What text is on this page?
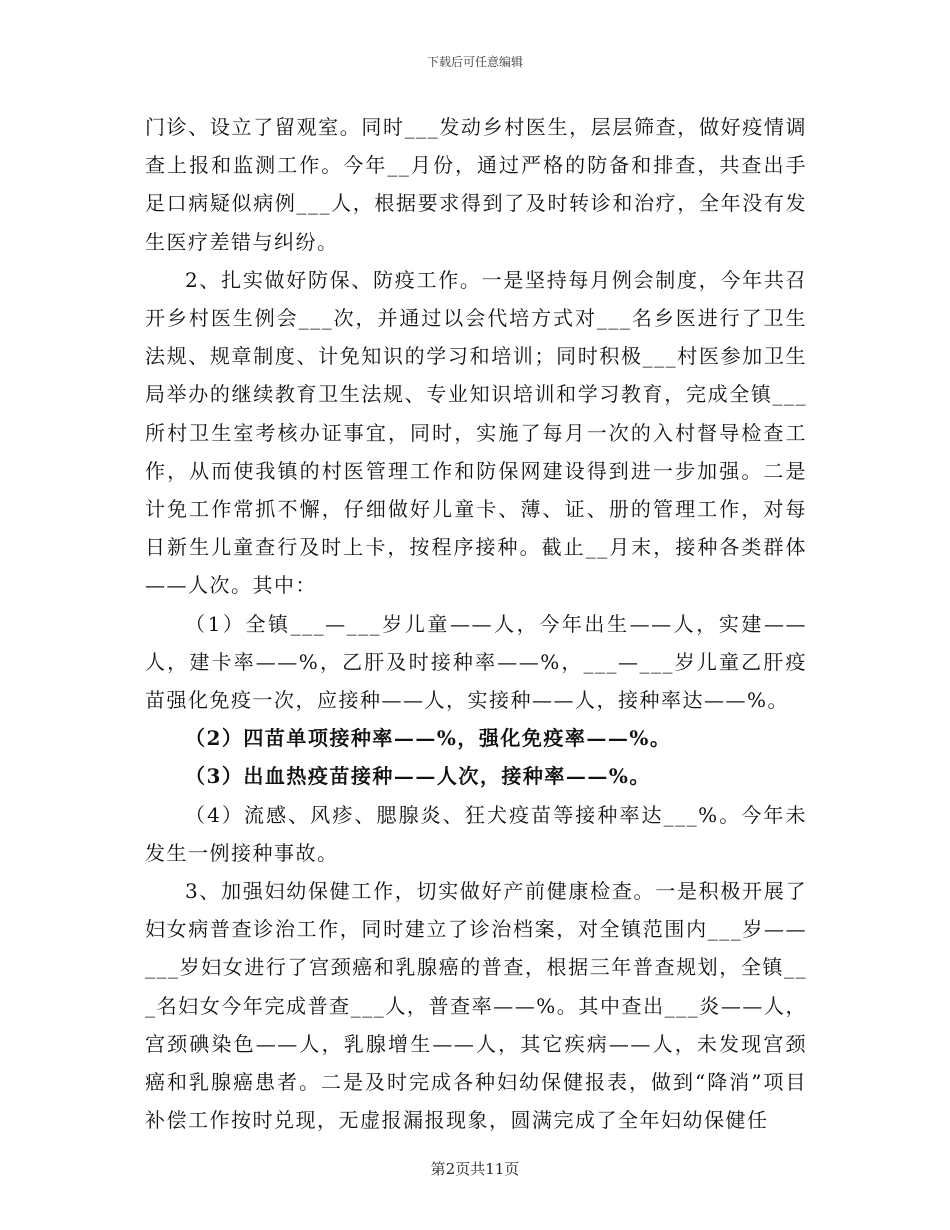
下载后可任意编辑

门诊、设立了留观室。同时___发动乡村医生，层层筛查，做好疫情调查上报和监测工作。今年__月份，通过严格的防备和排查，共查出手足口病疑似病例___人，根据要求得到了及时转诊和治疗，全年没有发生医疗差错与纠纷。

2、扎实做好防保、防疫工作。一是坚持每月例会制度，今年共召开乡村医生例会___次，并通过以会代培方式对___名乡医进行了卫生法规、规章制度、计免知识的学习和培训；同时积极___村医参加卫生局举办的继续教育卫生法规、专业知识培训和学习教育，完成全镇___所村卫生室考核办证事宜，同时，实施了每月一次的入村督导检查工作，从而使我镇的村医管理工作和防保网建设得到进一步加强。二是计免工作常抓不懈，仔细做好儿童卡、薄、证、册的管理工作，对每日新生儿童查行及时上卡，按程序接种。截止__月末，接种各类群体——人次。其中：

（1）全镇___—___岁儿童——人，今年出生——人，实建——人，建卡率——%，乙肝及时接种率——%，___—___岁儿童乙肝疫苗强化免疫一次，应接种——人，实接种——人，接种率达——%。

（2）四苗单项接种率——%，强化免疫率——%。

（3）出血热疫苗接种——人次，接种率——%。

（4）流感、风疹、腮腺炎、狂犬疫苗等接种率达___%。今年未发生一例接种事故。

3、加强妇幼保健工作，切实做好产前健康检查。一是积极开展了妇女病普查诊治工作，同时建立了诊治档案，对全镇范围内___岁——___岁妇女进行了宫颈癌和乳腺癌的普查，根据三年普查规划，全镇___名妇女今年完成普查___人，普查率——%。其中查出___炎——人，宫颈碘染色——人，乳腺增生——人，其它疾病——人，未发现宫颈癌和乳腺癌患者。二是及时完成各种妇幼保健报表，做到“降消”项目补偿工作按时兑现，无虚报漏报现象，圆满完成了全年妇幼保健任

第2页共11页
